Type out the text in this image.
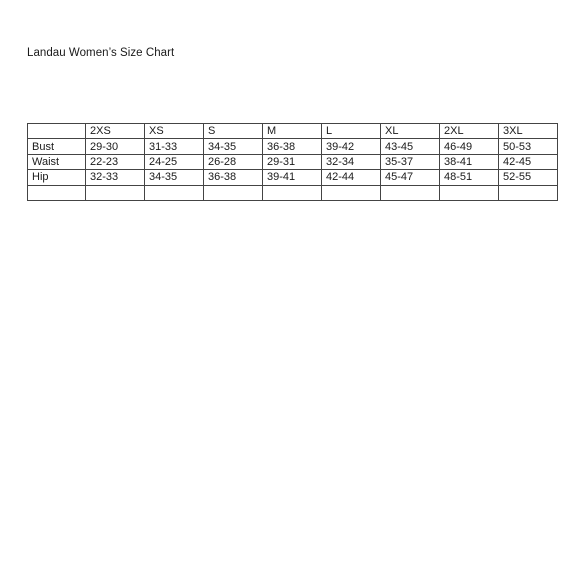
Landau Women’s Size Chart
	2XS	XS	S	M	L	XL	2XL	3XL
Bust	29-30	31-33	34-35	36-38	39-42	43-45	46-49	50-53
Waist	22-23	24-25	26-28	29-31	32-34	35-37	38-41	42-45
Hip	32-33	34-35	36-38	39-41	42-44	45-47	48-51	52-55
